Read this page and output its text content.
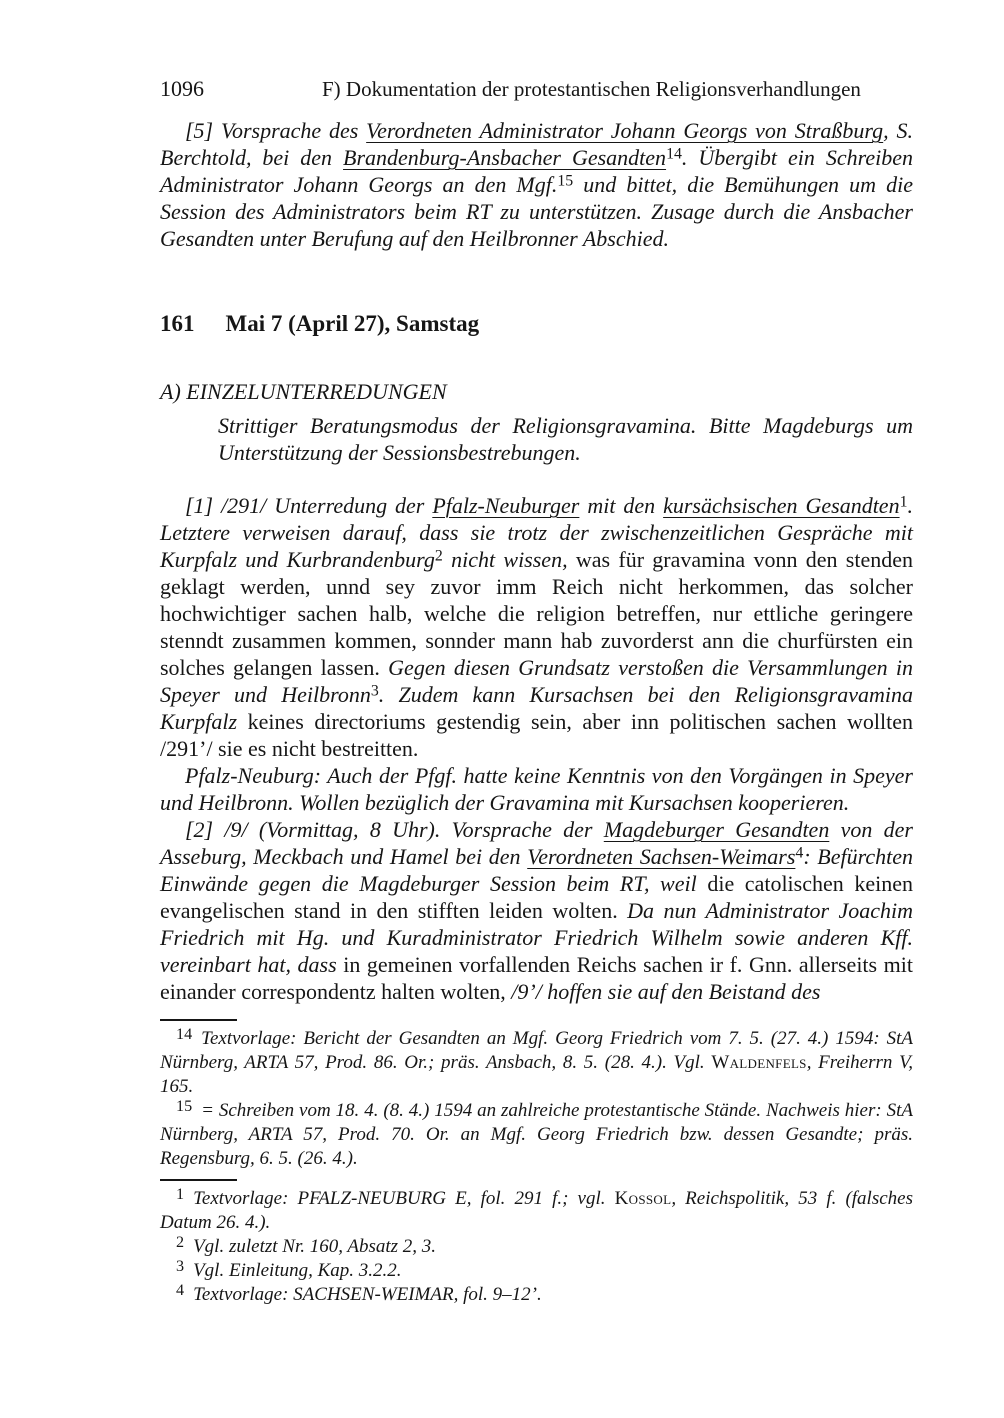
1096	F) Dokumentation der protestantischen Religionsverhandlungen

[5] Vorsprache des Verordneten Administrator Johann Georgs von Straßburg, S. Berchtold, bei den Brandenburg-Ansbacher Gesandten$^{14}$. Übergibt ein Schreiben Administrator Johann Georgs an den Mgf.$^{15}$ und bittet, die Bemühungen um die Session des Administrators beim RT zu unterstützen. Zusage durch die Ansbacher Gesandten unter Berufung auf den Heilbronner Abschied.

161 Mai 7 (April 27), Samstag
A) EINZELUNTERREDUNGEN

Strittiger Beratungsmodus der Religionsgravamina. Bitte Magdeburgs um Unterstützung der Sessionsbestrebungen.

[1] /291/ Unterredung der Pfalz-Neuburger mit den kursächsischen Gesandten$^1$. Letztere verweisen darauf, dass sie trotz der zwischenzeitlichen Gespräche mit Kurpfalz und Kurbrandenburg$^2$ nicht wissen, was für gravamina vonn den stenden geklagt werden, unnd sey zuvor imm Reich nicht herkommen, das solcher hochwichtiger sachen halb, welche die religion betreffen, nur ettliche geringere stenndt zusammen kommen, sonnder mann hab zuvorderst ann die churfürsten ein solches gelangen lassen. Gegen diesen Grundsatz verstoßen die Versammlungen in Speyer und Heilbronn$^3$. Zudem kann Kursachsen bei den Religionsgravamina Kurpfalz keines directoriums gestendig sein, aber inn politischen sachen wollten /291’/ sie es nicht bestreitten.

Pfalz-Neuburg: Auch der Pfgf. hatte keine Kenntnis von den Vorgängen in Speyer und Heilbronn. Wollen bezüglich der Gravamina mit Kursachsen kooperieren.

[2] /9/ (Vormittag, 8 Uhr). Vorsprache der Magdeburger Gesandten von der Asseburg, Meckbach und Hamel bei den Verordneten Sachsen-Weimars$^4$: Befürchten Einwände gegen die Magdeburger Session beim RT, weil die catolischen keinen evangelischen stand in den stifften leiden wolten. Da nun Administrator Joachim Friedrich mit Hg. und Kuradministrator Friedrich Wilhelm sowie anderen Kff. vereinbart hat, dass in gemeinen vorfallenden Reichs sachen ir f. Gnn. allerseits mit einander correspondentz halten wolten, /9’/ hoffen sie auf den Beistand des

$^{14}$ Textvorlage: Bericht der Gesandten an Mgf. Georg Friedrich vom 7. 5. (27. 4.) 1594: StA Nürnberg, ARTA 57, Prod. 86. Or.; präs. Ansbach, 8. 5. (28. 4.). Vgl. Waldenfels, Freiherrn V, 165.

$^{15}$ = Schreiben vom 18. 4. (8. 4.) 1594 an zahlreiche protestantische Stände. Nachweis hier: StA Nürnberg, ARTA 57, Prod. 70. Or. an Mgf. Georg Friedrich bzw. dessen Gesandte; präs. Regensburg, 6. 5. (26. 4.).

$^1$ Textvorlage: PFALZ-NEUBURG E, fol. 291 f.; vgl. Kossol, Reichspolitik, 53 f. (falsches Datum 26. 4.).

$^2$ Vgl. zuletzt Nr. 160, Absatz 2, 3.

$^3$ Vgl. Einleitung, Kap. 3.2.2.

$^4$ Textvorlage: SACHSEN-WEIMAR, fol. 9–12’.
